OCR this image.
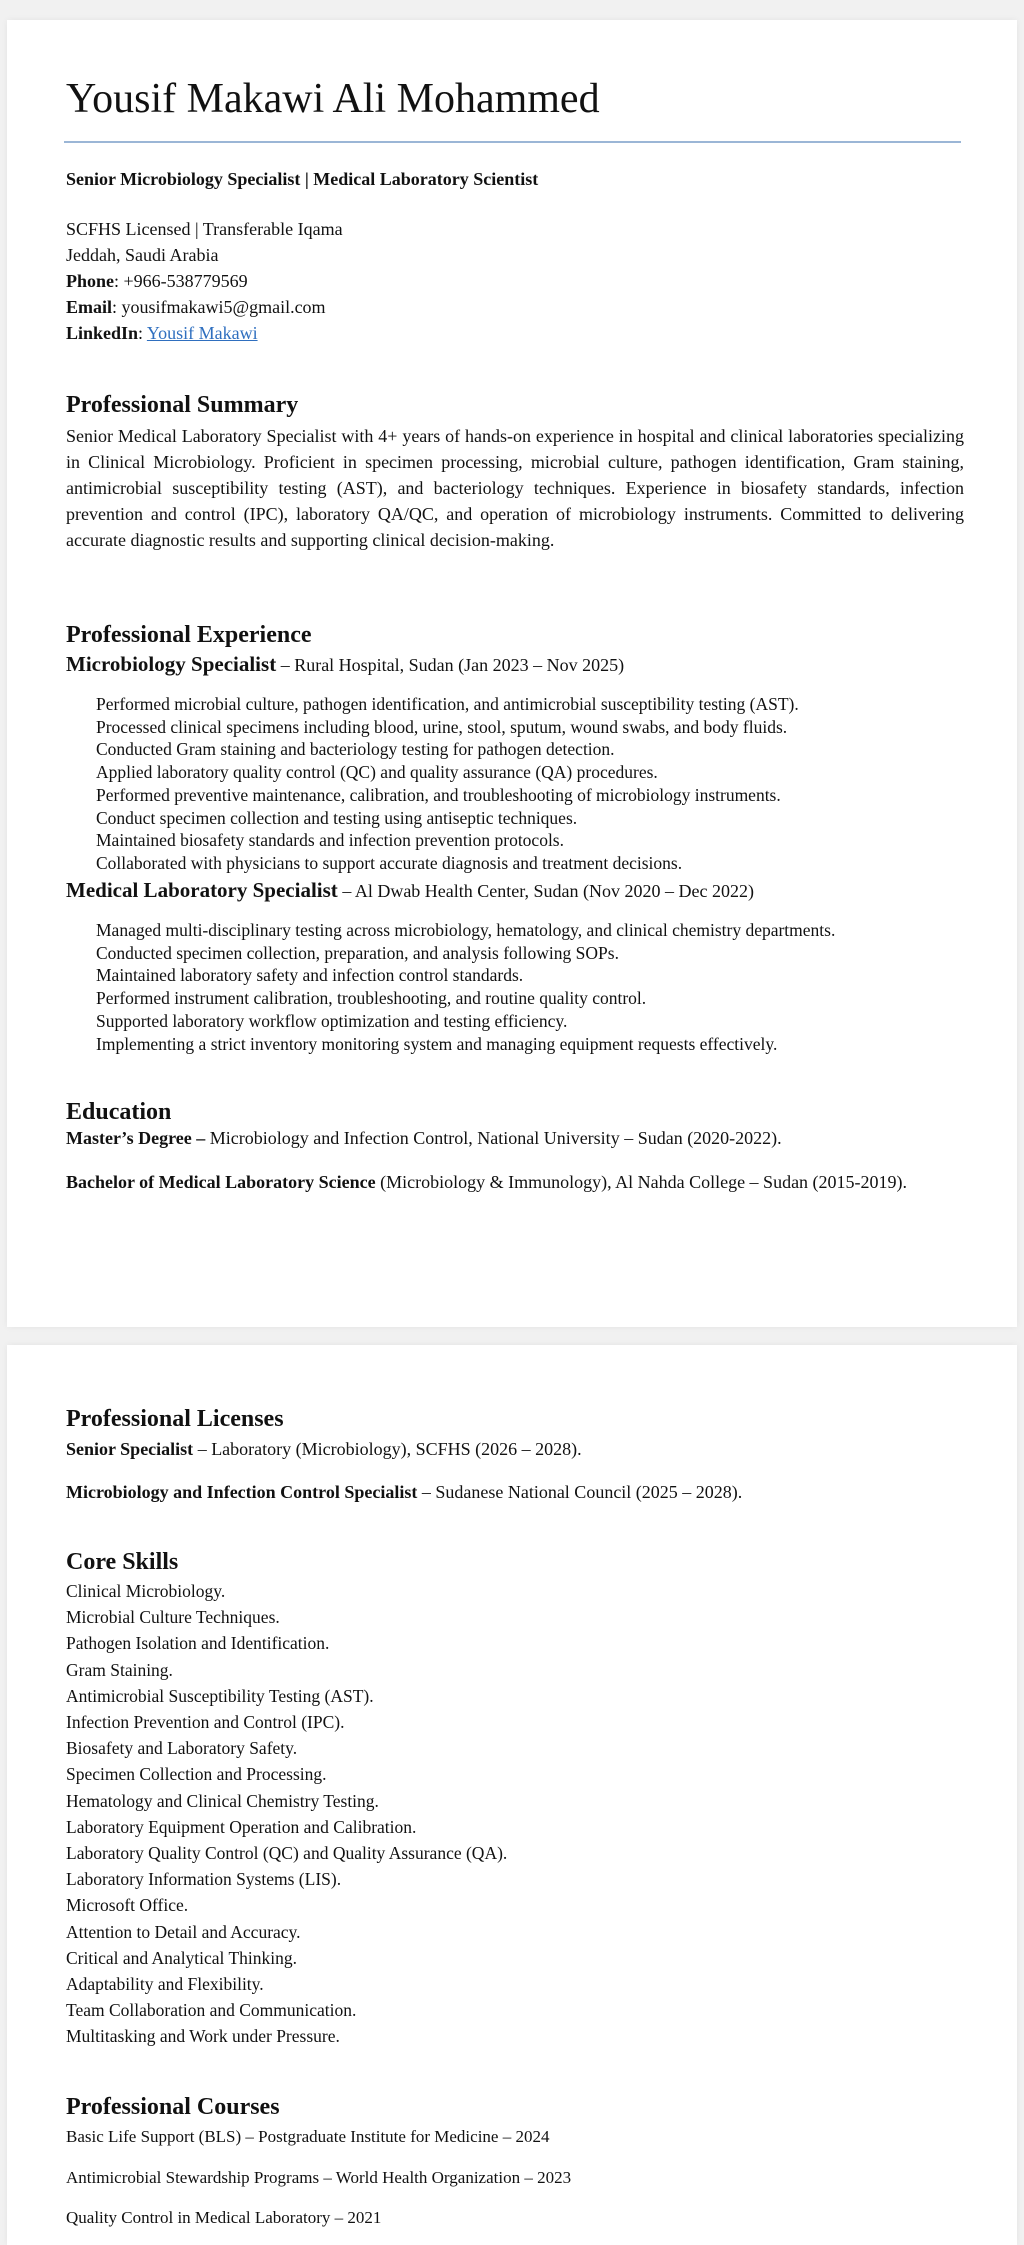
Yousif Makawi Ali Mohammed
Senior Microbiology Specialist | Medical Laboratory Scientist
SCFHS Licensed | Transferable Iqama
Jeddah, Saudi Arabia
Phone: +966-538779569
Email: yousifmakawi5@gmail.com
LinkedIn: Yousif Makawi
Professional Summary
Senior Medical Laboratory Specialist with 4+ years of hands-on experience in hospital and clinical laboratories specializing in Clinical Microbiology. Proficient in specimen processing, microbial culture, pathogen identification, Gram staining, antimicrobial susceptibility testing (AST), and bacteriology techniques. Experience in biosafety standards, infection prevention and control (IPC), laboratory QA/QC, and operation of microbiology instruments. Committed to delivering accurate diagnostic results and supporting clinical decision-making.
Professional Experience
Microbiology Specialist – Rural Hospital, Sudan (Jan 2023 – Nov 2025)
Performed microbial culture, pathogen identification, and antimicrobial susceptibility testing (AST).
Processed clinical specimens including blood, urine, stool, sputum, wound swabs, and body fluids.
Conducted Gram staining and bacteriology testing for pathogen detection.
Applied laboratory quality control (QC) and quality assurance (QA) procedures.
Performed preventive maintenance, calibration, and troubleshooting of microbiology instruments.
Conduct specimen collection and testing using antiseptic techniques.
Maintained biosafety standards and infection prevention protocols.
Collaborated with physicians to support accurate diagnosis and treatment decisions.
Medical Laboratory Specialist – Al Dwab Health Center, Sudan (Nov 2020 – Dec 2022)
Managed multi-disciplinary testing across microbiology, hematology, and clinical chemistry departments.
Conducted specimen collection, preparation, and analysis following SOPs.
Maintained laboratory safety and infection control standards.
Performed instrument calibration, troubleshooting, and routine quality control.
Supported laboratory workflow optimization and testing efficiency.
Implementing a strict inventory monitoring system and managing equipment requests effectively.
Education
Master’s Degree – Microbiology and Infection Control, National University – Sudan (2020-2022).
Bachelor of Medical Laboratory Science (Microbiology & Immunology), Al Nahda College – Sudan (2015-2019).
Professional Licenses
Senior Specialist – Laboratory (Microbiology), SCFHS (2026 – 2028).
Microbiology and Infection Control Specialist – Sudanese National Council (2025 – 2028).
Core Skills
Clinical Microbiology.
Microbial Culture Techniques.
Pathogen Isolation and Identification.
Gram Staining.
Antimicrobial Susceptibility Testing (AST).
Infection Prevention and Control (IPC).
Biosafety and Laboratory Safety.
Specimen Collection and Processing.
Hematology and Clinical Chemistry Testing.
Laboratory Equipment Operation and Calibration.
Laboratory Quality Control (QC) and Quality Assurance (QA).
Laboratory Information Systems (LIS).
Microsoft Office.
Attention to Detail and Accuracy.
Critical and Analytical Thinking.
Adaptability and Flexibility.
Team Collaboration and Communication.
Multitasking and Work under Pressure.
Professional Courses
Basic Life Support (BLS) – Postgraduate Institute for Medicine – 2024
Antimicrobial Stewardship Programs – World Health Organization – 2023
Quality Control in Medical Laboratory – 2021
